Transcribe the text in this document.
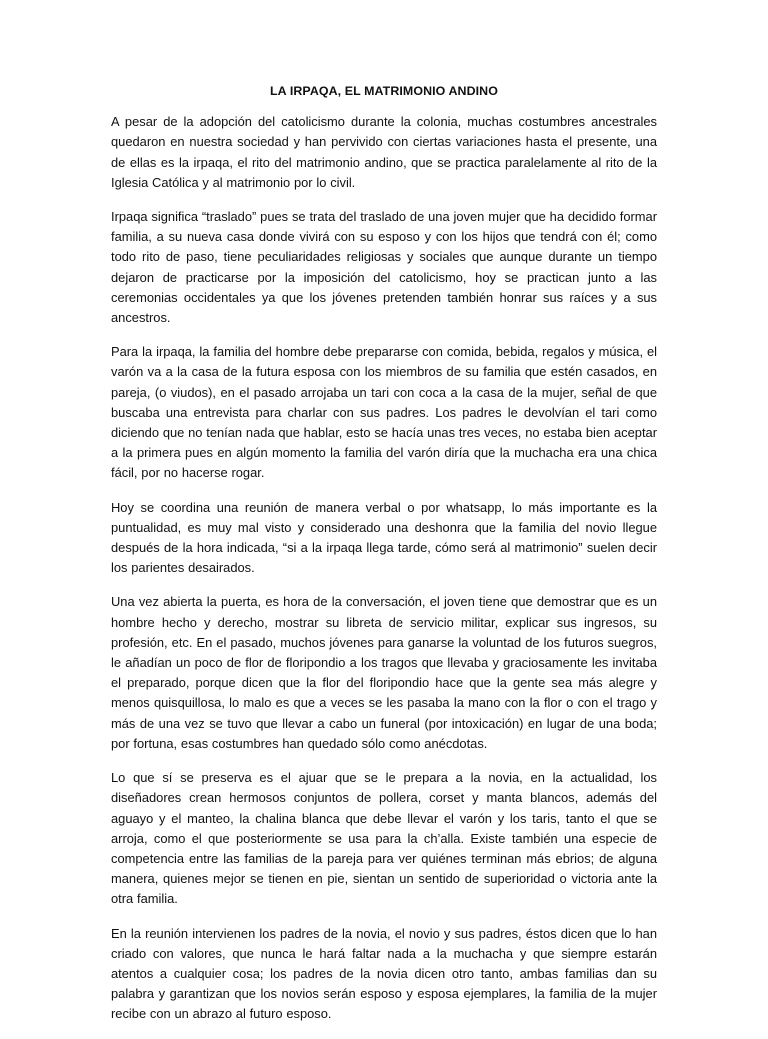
LA IRPAQA, EL MATRIMONIO ANDINO

A pesar de la adopción del catolicismo durante la colonia, muchas costumbres ancestrales quedaron en nuestra sociedad y han pervivido con ciertas variaciones hasta el presente, una de ellas es la irpaqa, el rito del matrimonio andino, que se practica paralelamente al rito de la Iglesia Católica y al matrimonio por lo civil.

Irpaqa significa “traslado” pues se trata del traslado de una joven mujer que ha decidido formar familia, a su nueva casa donde vivirá con su esposo y con los hijos que tendrá con él; como todo rito de paso, tiene peculiaridades religiosas y sociales que aunque durante un tiempo dejaron de practicarse por la imposición del catolicismo, hoy se practican junto a las ceremonias occidentales ya que los jóvenes pretenden también honrar sus raíces y a sus ancestros.

Para la irpaqa, la familia del hombre debe prepararse con comida, bebida, regalos y música, el varón va a la casa de la futura esposa con los miembros de su familia que estén casados, en pareja, (o viudos), en el pasado arrojaba un tari con coca a la casa de la mujer, señal de que buscaba una entrevista para charlar con sus padres. Los padres le devolvían el tari como diciendo que no tenían nada que hablar, esto se hacía unas tres veces, no estaba bien aceptar a la primera pues en algún momento la familia del varón diría que la muchacha era una chica fácil, por no hacerse rogar.

Hoy se coordina una reunión de manera verbal o por whatsapp, lo más importante es la puntualidad, es muy mal visto y considerado una deshonra que la familia del novio llegue después de la hora indicada, “si a la irpaqa llega tarde, cómo será al matrimonio” suelen decir los parientes desairados.

Una vez abierta la puerta, es hora de la conversación, el joven tiene que demostrar que es un hombre hecho y derecho, mostrar su libreta de servicio militar, explicar sus ingresos, su profesión, etc. En el pasado, muchos jóvenes para ganarse la voluntad de los futuros suegros, le añadían un poco de flor de floripondio a los tragos que llevaba y graciosamente les invitaba el preparado, porque dicen que la flor del floripondio hace que la gente sea más alegre y menos quisquillosa, lo malo es que a veces se les pasaba la mano con la flor o con el trago y más de una vez se tuvo que llevar a cabo un funeral (por intoxicación) en lugar de una boda; por fortuna, esas costumbres han quedado sólo como anécdotas.

Lo que sí se preserva es el ajuar que se le prepara a la novia, en la actualidad, los diseñadores crean hermosos conjuntos de pollera, corset y manta blancos, además del aguayo y el manteo, la chalina blanca que debe llevar el varón y los taris, tanto el que se arroja, como el que posteriormente se usa para la ch’alla. Existe también una especie de competencia entre las familias de la pareja para ver quiénes terminan más ebrios; de alguna manera, quienes mejor se tienen en pie, sientan un sentido de superioridad o victoria ante la otra familia.

En la reunión intervienen los padres de la novia, el novio y sus padres, éstos dicen que lo han criado con valores, que nunca le hará faltar nada a la muchacha y que siempre estarán atentos a cualquier cosa; los padres de la novia dicen otro tanto, ambas familias dan su palabra y garantizan que los novios serán esposo y esposa ejemplares, la familia de la mujer recibe con un abrazo al futuro esposo.
